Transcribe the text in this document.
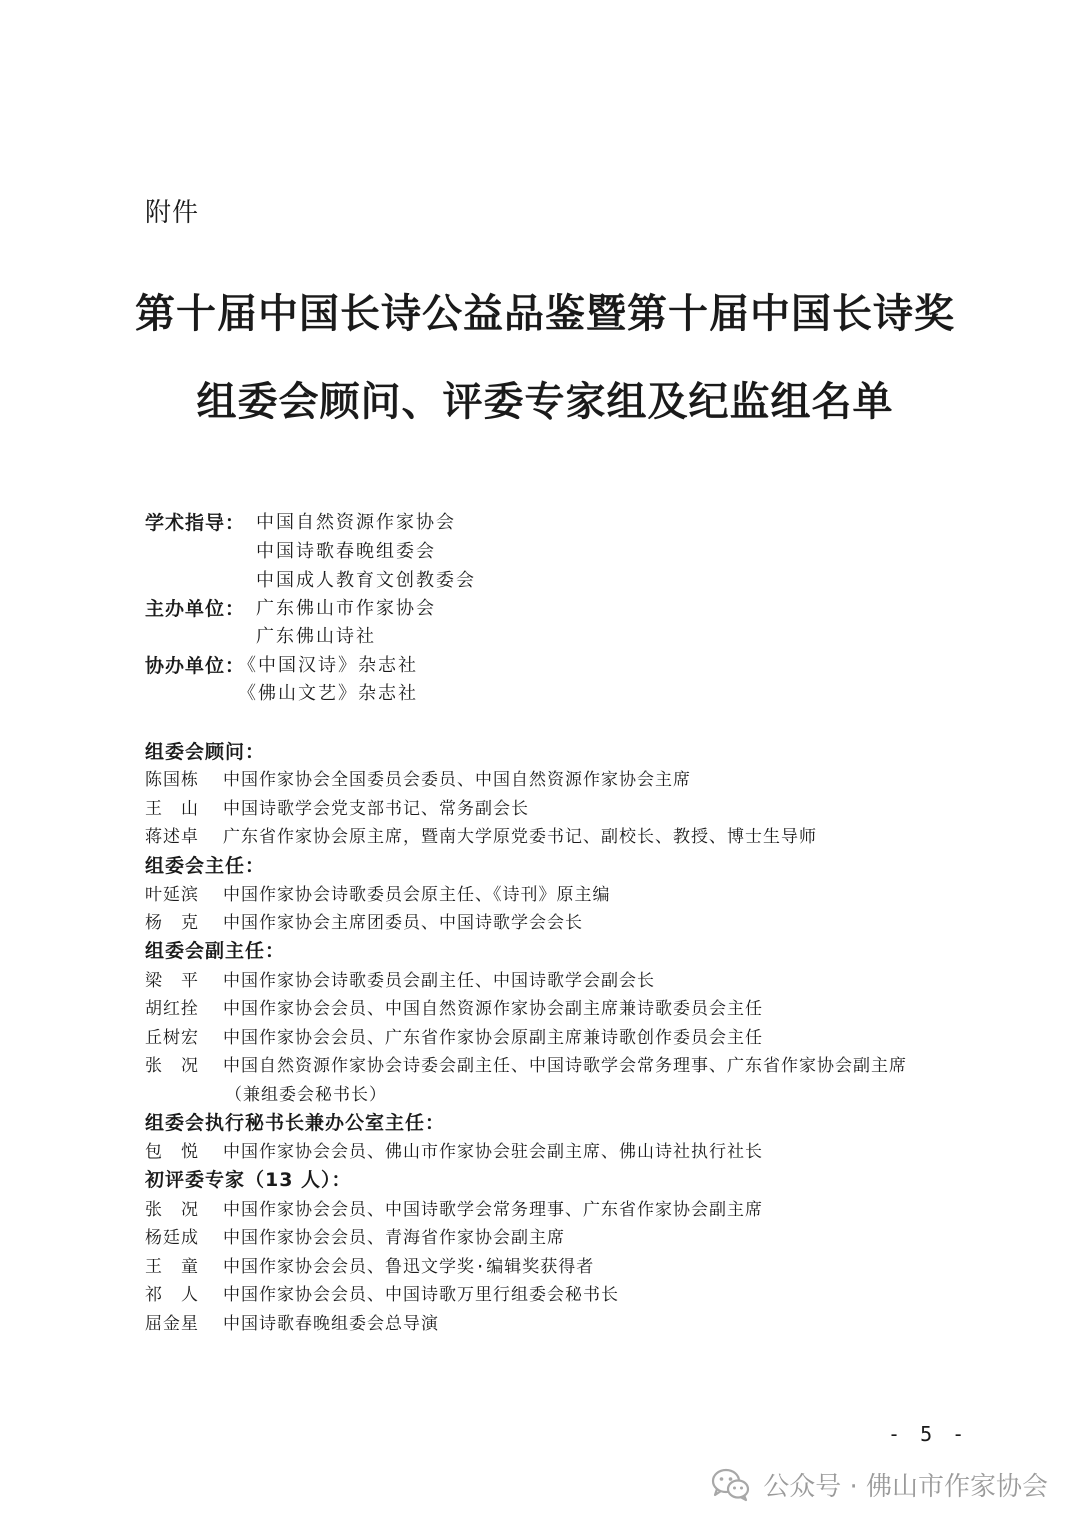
附件
第十届中国长诗公益品鉴暨第十届中国长诗奖
组委会顾问、评委专家组及纪监组名单
学术指导： 中国自然资源作家协会
中国诗歌春晚组委会
中国成人教育文创教委会
主办单位： 广东佛山市作家协会
广东佛山诗社
协办单位：
《中国汉诗》杂志社
《佛山文艺》杂志社
组委会顾问：
陈国栋	中国作家协会全国委员会委员、中国自然资源作家协会主席
王　山	中国诗歌学会党支部书记、常务副会长
蒋述卓	广东省作家协会原主席，暨南大学原党委书记、副校长、教授、博士生导师
组委会主任：
叶延滨	中国作家协会诗歌委员会原主任、《诗刊》原主编
杨　克	中国作家协会主席团委员、中国诗歌学会会长
组委会副主任：
梁　平	中国作家协会诗歌委员会副主任、中国诗歌学会副会长
胡红拴	中国作家协会会员、中国自然资源作家协会副主席兼诗歌委员会主任
丘树宏	中国作家协会会员、广东省作家协会原副主席兼诗歌创作委员会主任
张　况	中国自然资源作家协会诗委会副主任、中国诗歌学会常务理事、广东省作家协会副主席
（兼组委会秘书长）
组委会执行秘书长兼办公室主任：
包　悦	中国作家协会会员、佛山市作家协会驻会副主席、佛山诗社执行社长
初评委专家（13 人）：
张　况	中国作家协会会员、中国诗歌学会常务理事、广东省作家协会副主席
杨廷成	中国作家协会会员、青海省作家协会副主席
王　童	中国作家协会会员、鲁迅文学奖·编辑奖获得者
祁　人	中国作家协会会员、中国诗歌万里行组委会秘书长
屈金星	中国诗歌春晚组委会总导演
- 5 -
公众号 · 佛山市作家协会
